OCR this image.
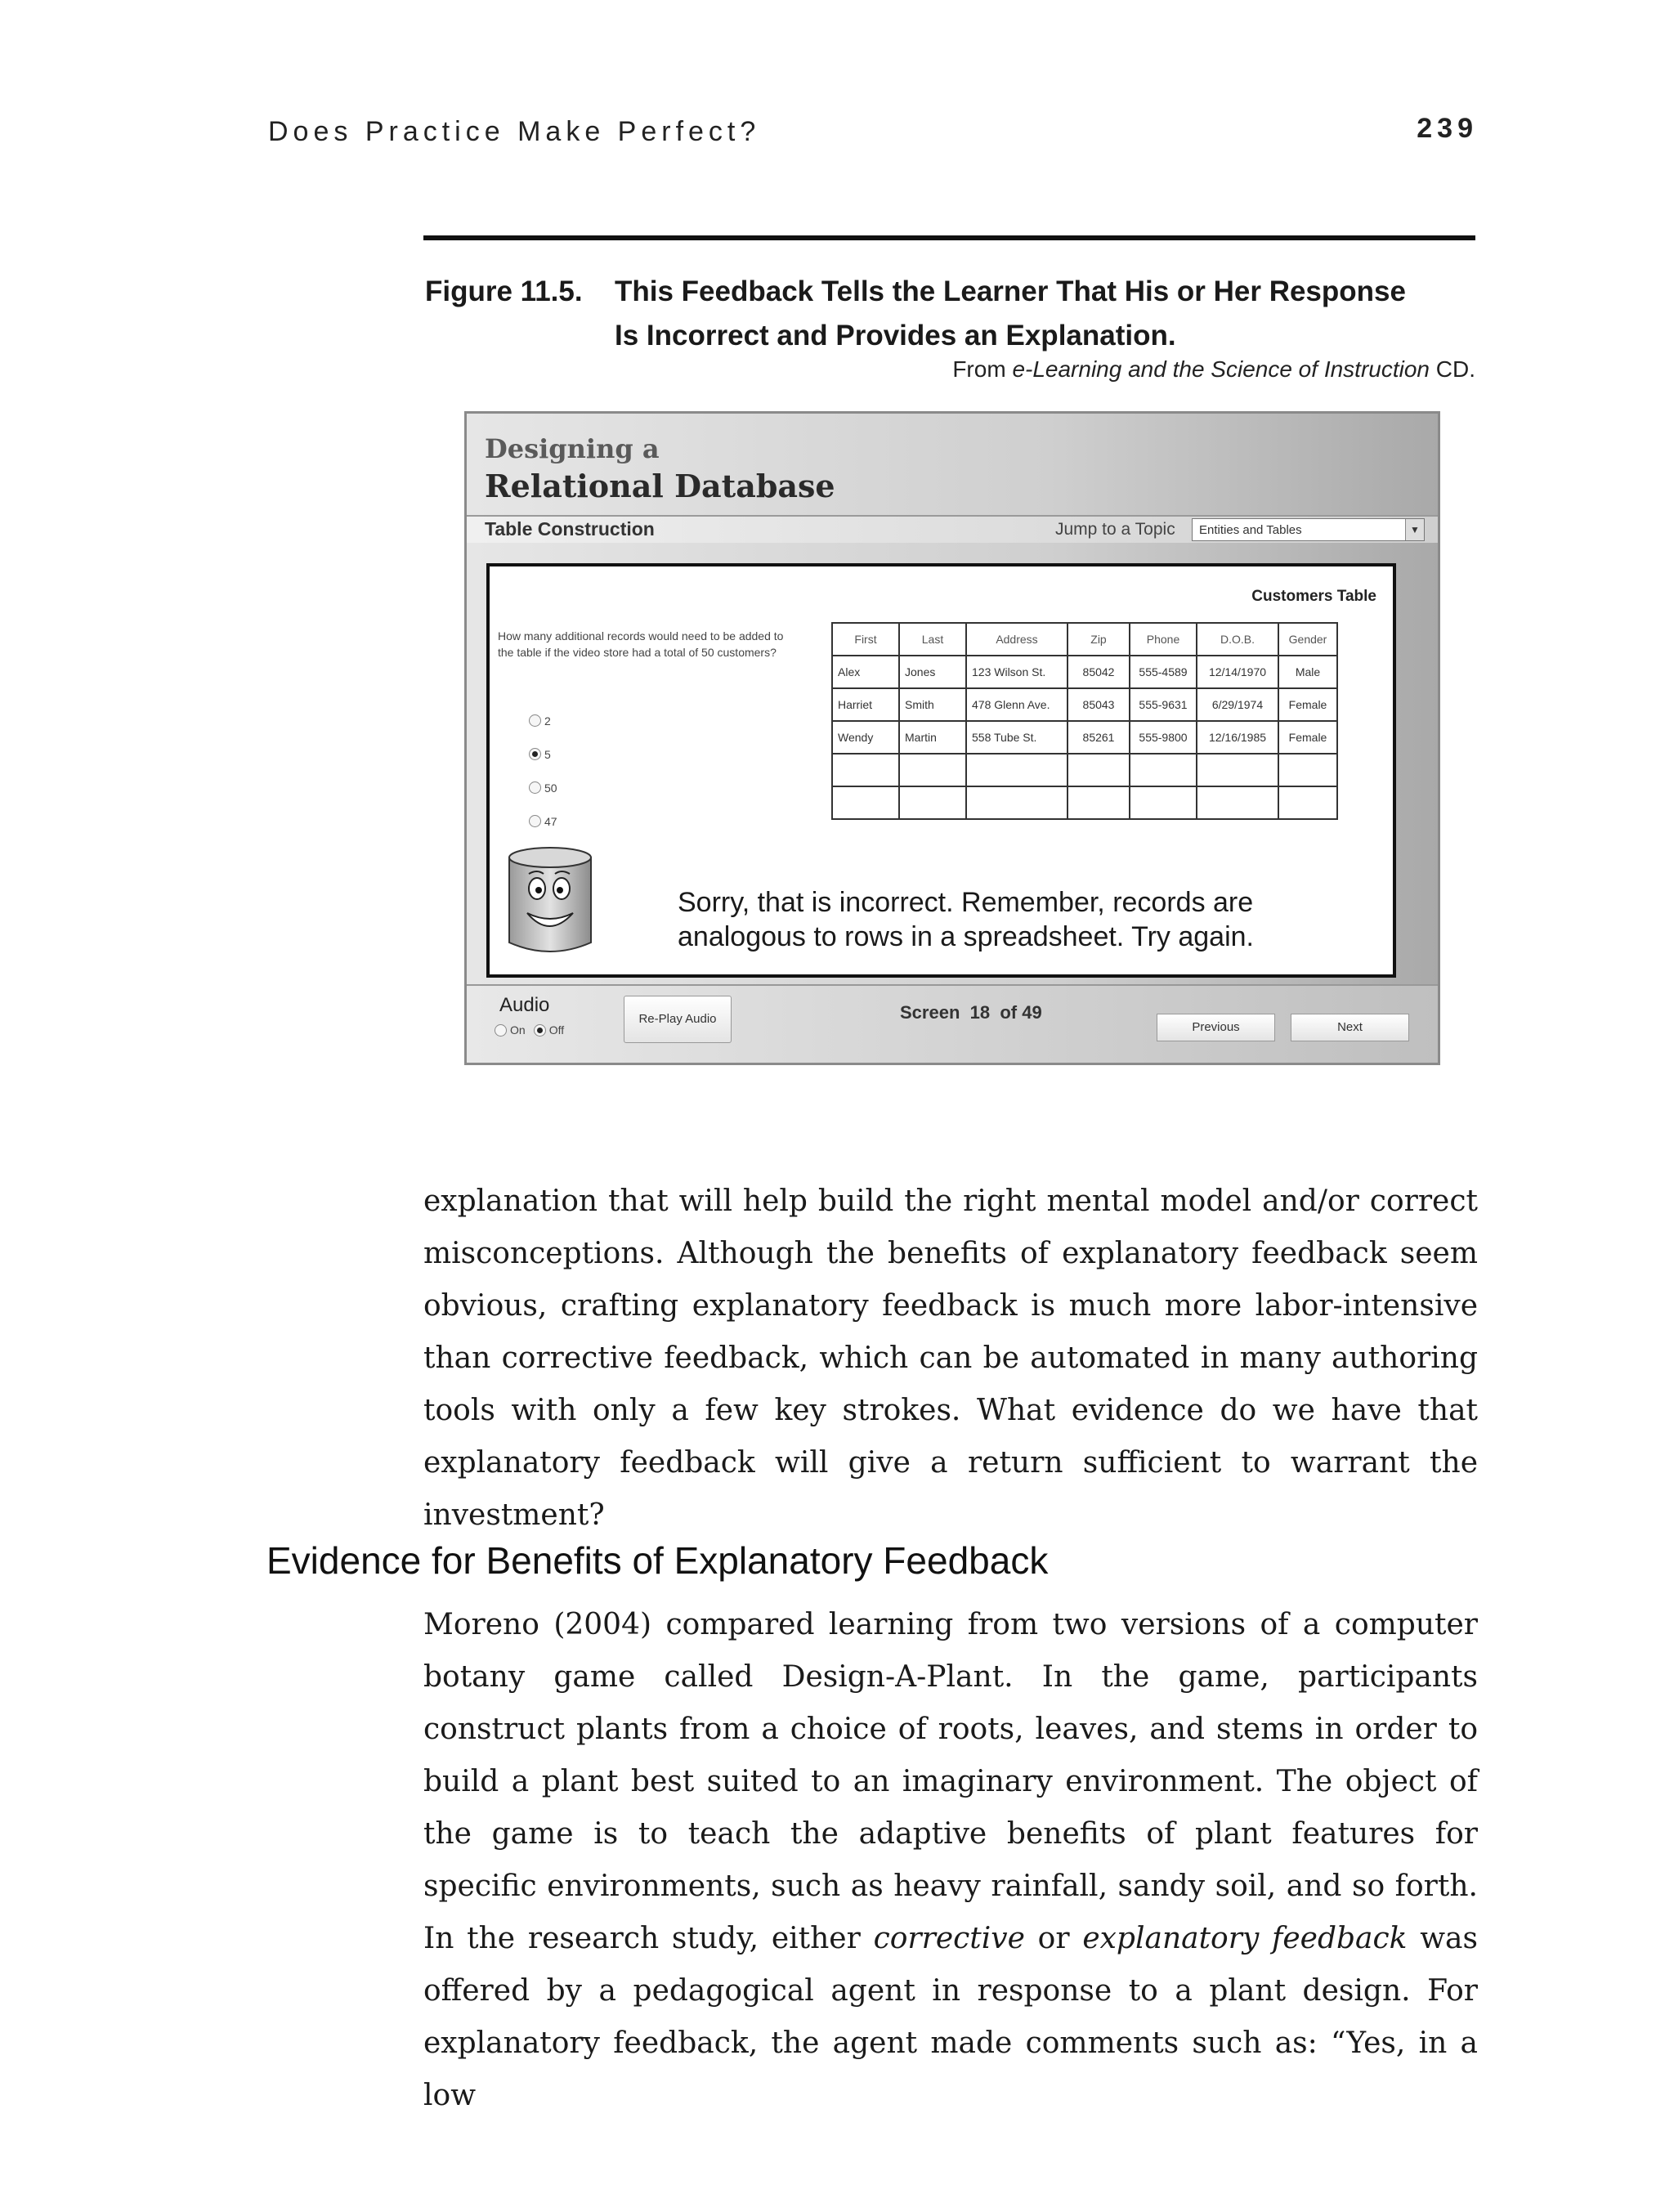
Does Practice Make Perfect?	239
Figure 11.5. This Feedback Tells the Learner That His or Her Response
Is Incorrect and Provides an Explanation.
From e-Learning and the Science of Instruction CD.
Designing a
Relational Database
Table Construction	Jump to a Topic	Entities and Tables	▼
Customers Table
How many additional records would need to be added to the table if the video store had a total of 50 customers?
2
5
50
47
First	Last	Address	Zip	Phone	D.O.B.	Gender
Alex	Jones	123 Wilson St.	85042	555-4589	12/14/1970	Male
Harriet	Smith	478 Glenn Ave.	85043	555-9631	6/29/1974	Female
Wendy	Martin	558 Tube St.	85261	555-9800	12/16/1985	Female

Sorry, that is incorrect. Remember, records are
analogous to rows in a spreadsheet. Try again.
Audio
On Off
Re-Play Audio	Screen 18 of 49
Previous	Next

explanation that will help build the right mental model and/or correct misconceptions. Although the benefits of explanatory feedback seem obvious, crafting explanatory feedback is much more labor-intensive than corrective feedback, which can be automated in many authoring tools with only a few key strokes. What evidence do we have that explanatory feedback will give a return sufficient to warrant the investment?

Evidence for Benefits of Explanatory Feedback

Moreno (2004) compared learning from two versions of a computer botany game called Design-A-Plant. In the game, participants construct plants from a choice of roots, leaves, and stems in order to build a plant best suited to an imaginary environment. The object of the game is to teach the adaptive benefits of plant features for specific environments, such as heavy rainfall, sandy soil, and so forth. In the research study, either corrective or explanatory feedback was offered by a pedagogical agent in response to a plant design. For explanatory feedback, the agent made comments such as: “Yes, in a low
